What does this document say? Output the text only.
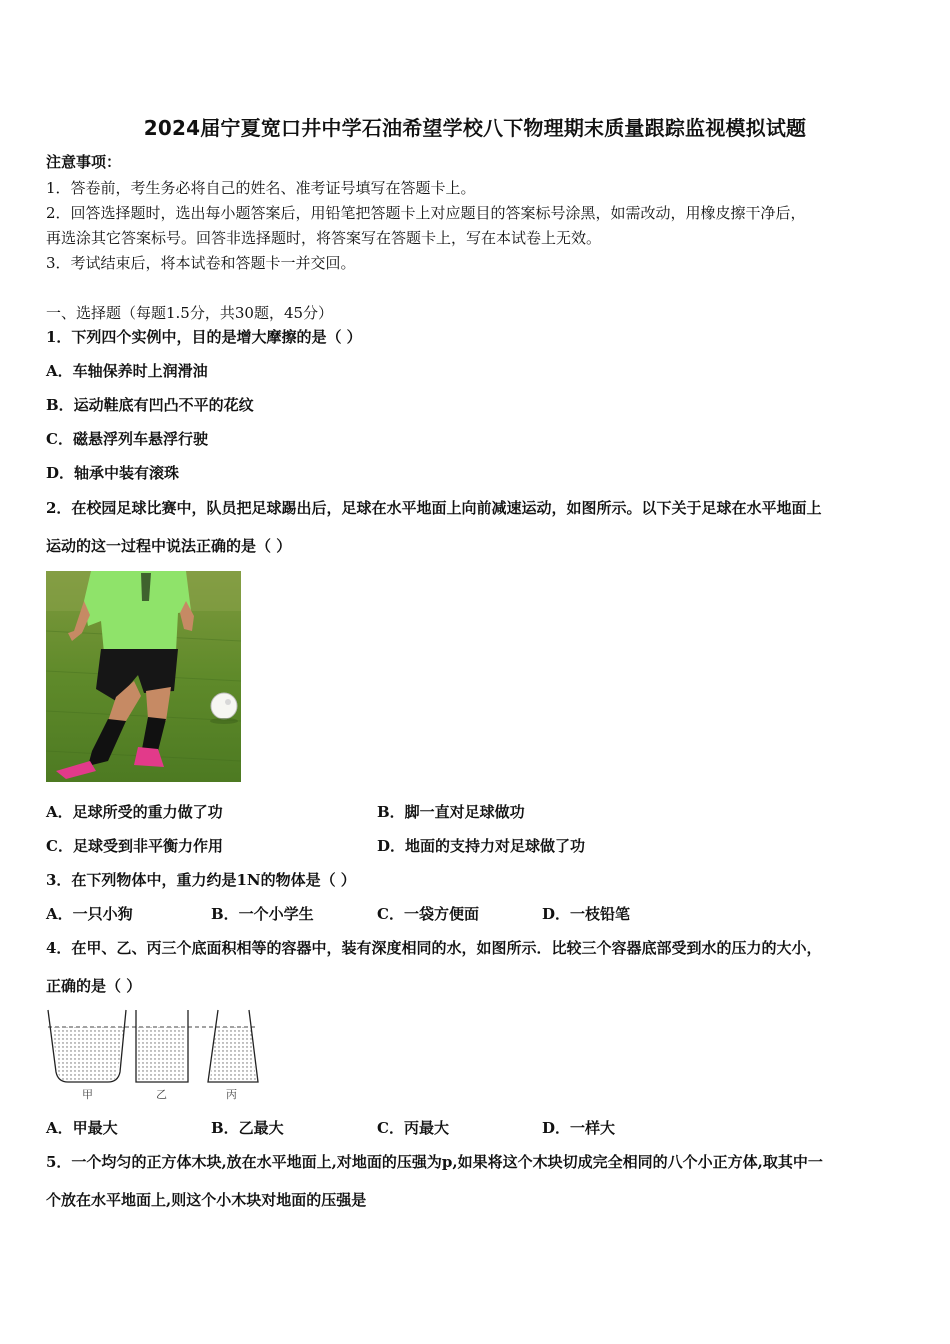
2024届宁夏宽口井中学石油希望学校八下物理期末质量跟踪监视模拟试题
注意事项：
1．答卷前，考生务必将自己的姓名、准考证号填写在答题卡上。
2．回答选择题时，选出每小题答案后，用铅笔把答题卡上对应题目的答案标号涂黑，如需改动，用橡皮擦干净后，
再选涂其它答案标号。回答非选择题时，将答案写在答题卡上，写在本试卷上无效。
3．考试结束后，将本试卷和答题卡一并交回。
一、选择题（每题1.5分，共30题，45分）
1．下列四个实例中，目的是增大摩擦的是（ ）
A．车轴保养时上润滑油
B．运动鞋底有凹凸不平的花纹
C．磁悬浮列车悬浮行驶
D．轴承中装有滚珠
2．在校园足球比赛中，队员把足球踢出后，足球在水平地面上向前减速运动，如图所示。以下关于足球在水平地面上
运动的这一过程中说法正确的是（ ）
A．足球所受的重力做了功	B．脚一直对足球做功
C．足球受到非平衡力作用	D．地面的支持力对足球做了功
3．在下列物体中，重力约是1N的物体是（ ）
A．一只小狗	B．一个小学生	C．一袋方便面	D．一枝铅笔
4．在甲、乙、丙三个底面积相等的容器中，装有深度相同的水，如图所示．比较三个容器底部受到水的压力的大小，
正确的是（ ）
甲	乙	丙
A．甲最大	B．乙最大	C．丙最大	D．一样大
5．一个均匀的正方体木块,放在水平地面上,对地面的压强为p,如果将这个木块切成完全相同的八个小正方体,取其中一
个放在水平地面上,则这个小木块对地面的压强是
